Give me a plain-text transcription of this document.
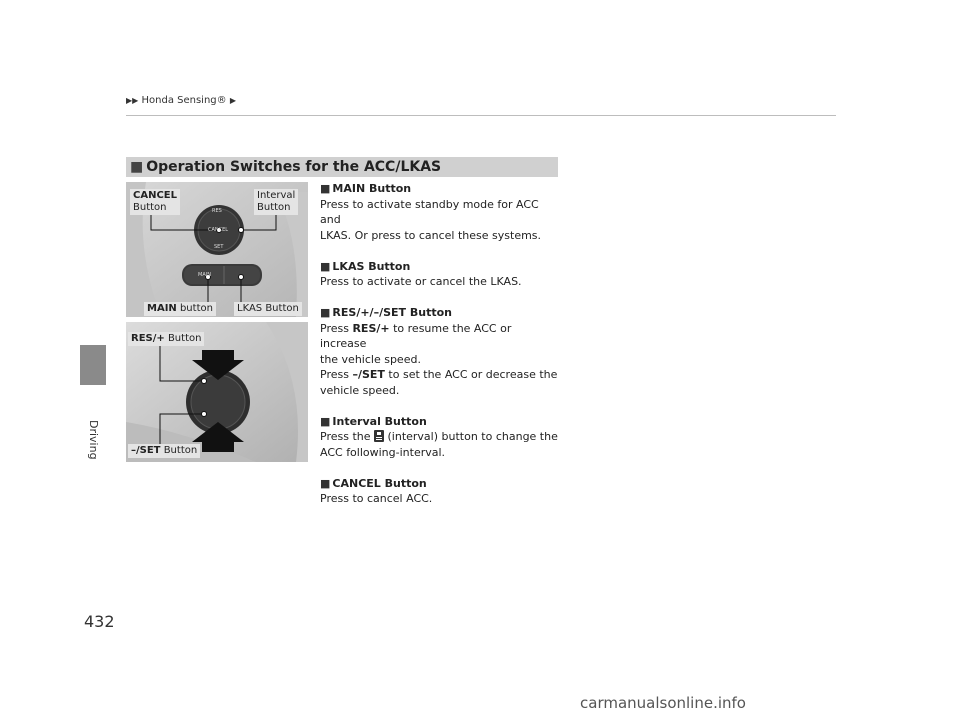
▶▶ Honda Sensing® ▶
Driving
432
■ Operation Switches for the ACC/LKAS
RES
CANCEL
SET
MAIN
CANCEL
Button
Interval
Button
MAIN button	LKAS Button
RES/+ Button
–/SET Button
■ MAIN Button
Press to activate standby mode for ACC and
LKAS. Or press to cancel these systems.
■ LKAS Button
Press to activate or cancel the LKAS.
■ RES/+/–/SET Button
Press RES/+ to resume the ACC or increase
the vehicle speed.
Press –/SET to set the ACC or decrease the
vehicle speed.
■ Interval Button
Press the  (interval) button to change the
ACC following-interval.
■ CANCEL Button
Press to cancel ACC.
carmanualsonline.info
